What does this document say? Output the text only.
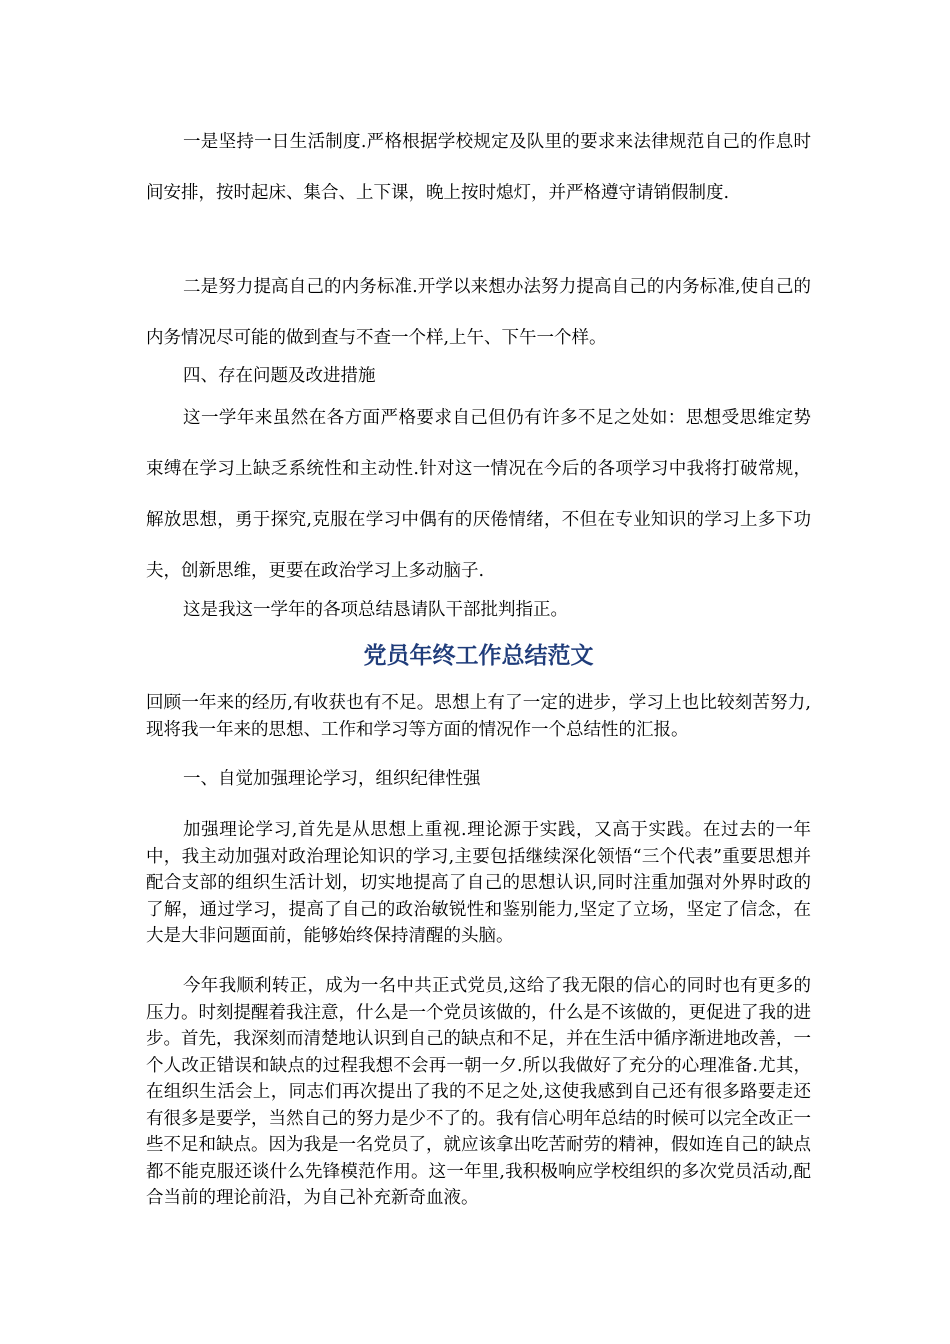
一是坚持一日生活制度.严格根据学校规定及队里的要求来法律规范自己的作息时间安排，按时起床、集合、上下课，晚上按时熄灯，并严格遵守请销假制度.

二是努力提高自己的内务标准.开学以来想办法努力提高自己的内务标准,使自己的内务情况尽可能的做到查与不查一个样,上午、下午一个样。

四、存在问题及改进措施

这一学年来虽然在各方面严格要求自己但仍有许多不足之处如：思想受思维定势束缚在学习上缺乏系统性和主动性.针对这一情况在今后的各项学习中我将打破常规，解放思想，勇于探究,克服在学习中偶有的厌倦情绪，不但在专业知识的学习上多下功夫，创新思维，更要在政治学习上多动脑子.

这是我这一学年的各项总结恳请队干部批判指正。

党员年终工作总结范文

回顾一年来的经历,有收获也有不足。思想上有了一定的进步，学习上也比较刻苦努力,现将我一年来的思想、工作和学习等方面的情况作一个总结性的汇报。

一、自觉加强理论学习，组织纪律性强

加强理论学习,首先是从思想上重视.理论源于实践，又高于实践。在过去的一年中，我主动加强对政治理论知识的学习,主要包括继续深化领悟“三个代表”重要思想并配合支部的组织生活计划，切实地提高了自己的思想认识,同时注重加强对外界时政的了解，通过学习，提高了自己的政治敏锐性和鉴别能力,坚定了立场，坚定了信念，在大是大非问题面前，能够始终保持清醒的头脑。

今年我顺利转正，成为一名中共正式党员,这给了我无限的信心的同时也有更多的压力。时刻提醒着我注意，什么是一个党员该做的，什么是不该做的，更促进了我的进步。首先，我深刻而清楚地认识到自己的缺点和不足，并在生活中循序渐进地改善，一个人改正错误和缺点的过程我想不会再一朝一夕.所以我做好了充分的心理准备.尤其，在组织生活会上，同志们再次提出了我的不足之处,这使我感到自己还有很多路要走还有很多是要学，当然自己的努力是少不了的。我有信心明年总结的时候可以完全改正一些不足和缺点。因为我是一名党员了，就应该拿出吃苦耐劳的精神，假如连自己的缺点都不能克服还谈什么先锋模范作用。这一年里,我积极响应学校组织的多次党员活动,配合当前的理论前沿，为自己补充新奇血液。
